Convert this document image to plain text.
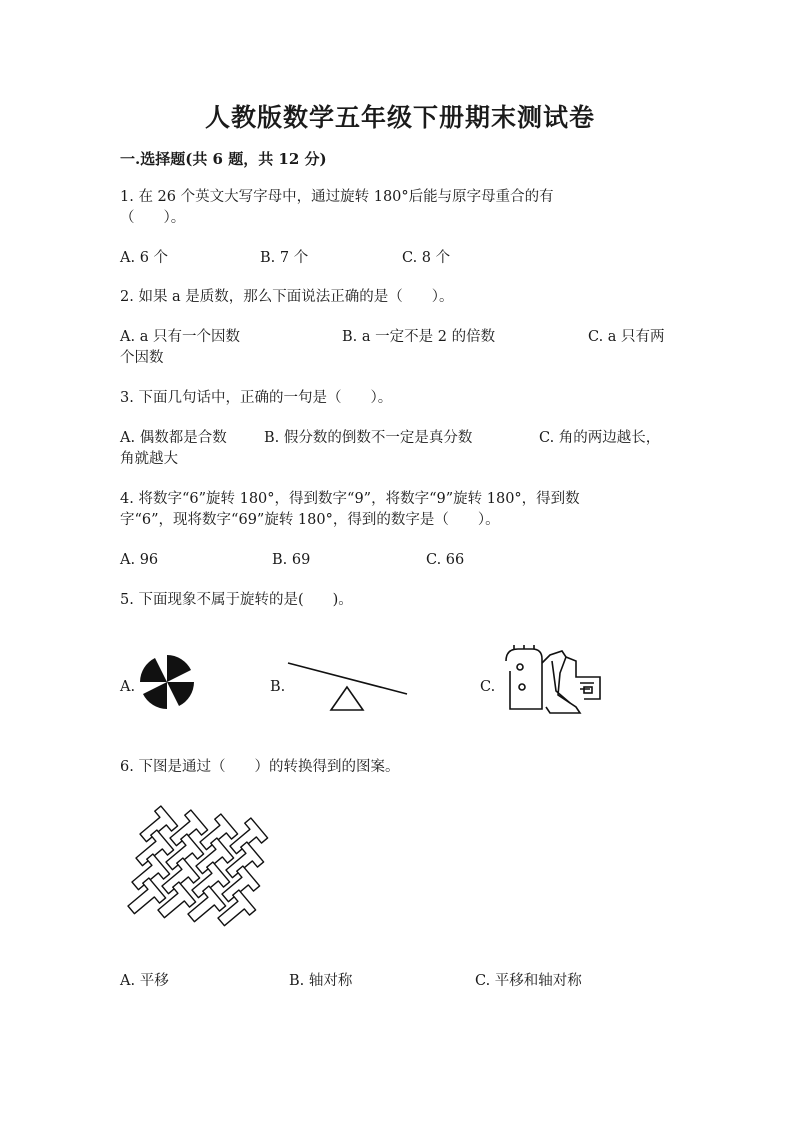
人教版数学五年级下册期末测试卷
一.选择题(共 6 题，共 12 分)
1. 在 26 个英文大写字母中，通过旋转 180°后能与原字母重合的有
（　　）。
A. 6 个	B. 7 个	C. 8 个
2. 如果 a 是质数，那么下面说法正确的是（　　）。
A. a 只有一个因数	B. a 一定不是 2 的倍数	C. a 只有两
个因数
3. 下面几句话中，正确的一句是（　　）。
A. 偶数都是合数	B. 假分数的倒数不一定是真分数	C. 角的两边越长，
角就越大
4. 将数字“6”旋转 180°，得到数字“9”，将数字“9”旋转 180°，得到数
字“6”，现将数字“69”旋转 180°，得到的数字是（　　）。
A. 96	B. 69	C. 66
5. 下面现象不属于旋转的是(　　)。
A.	B.	C.
6. 下图是通过（　　）的转换得到的图案。
A. 平移	B. 轴对称	C. 平移和轴对称
